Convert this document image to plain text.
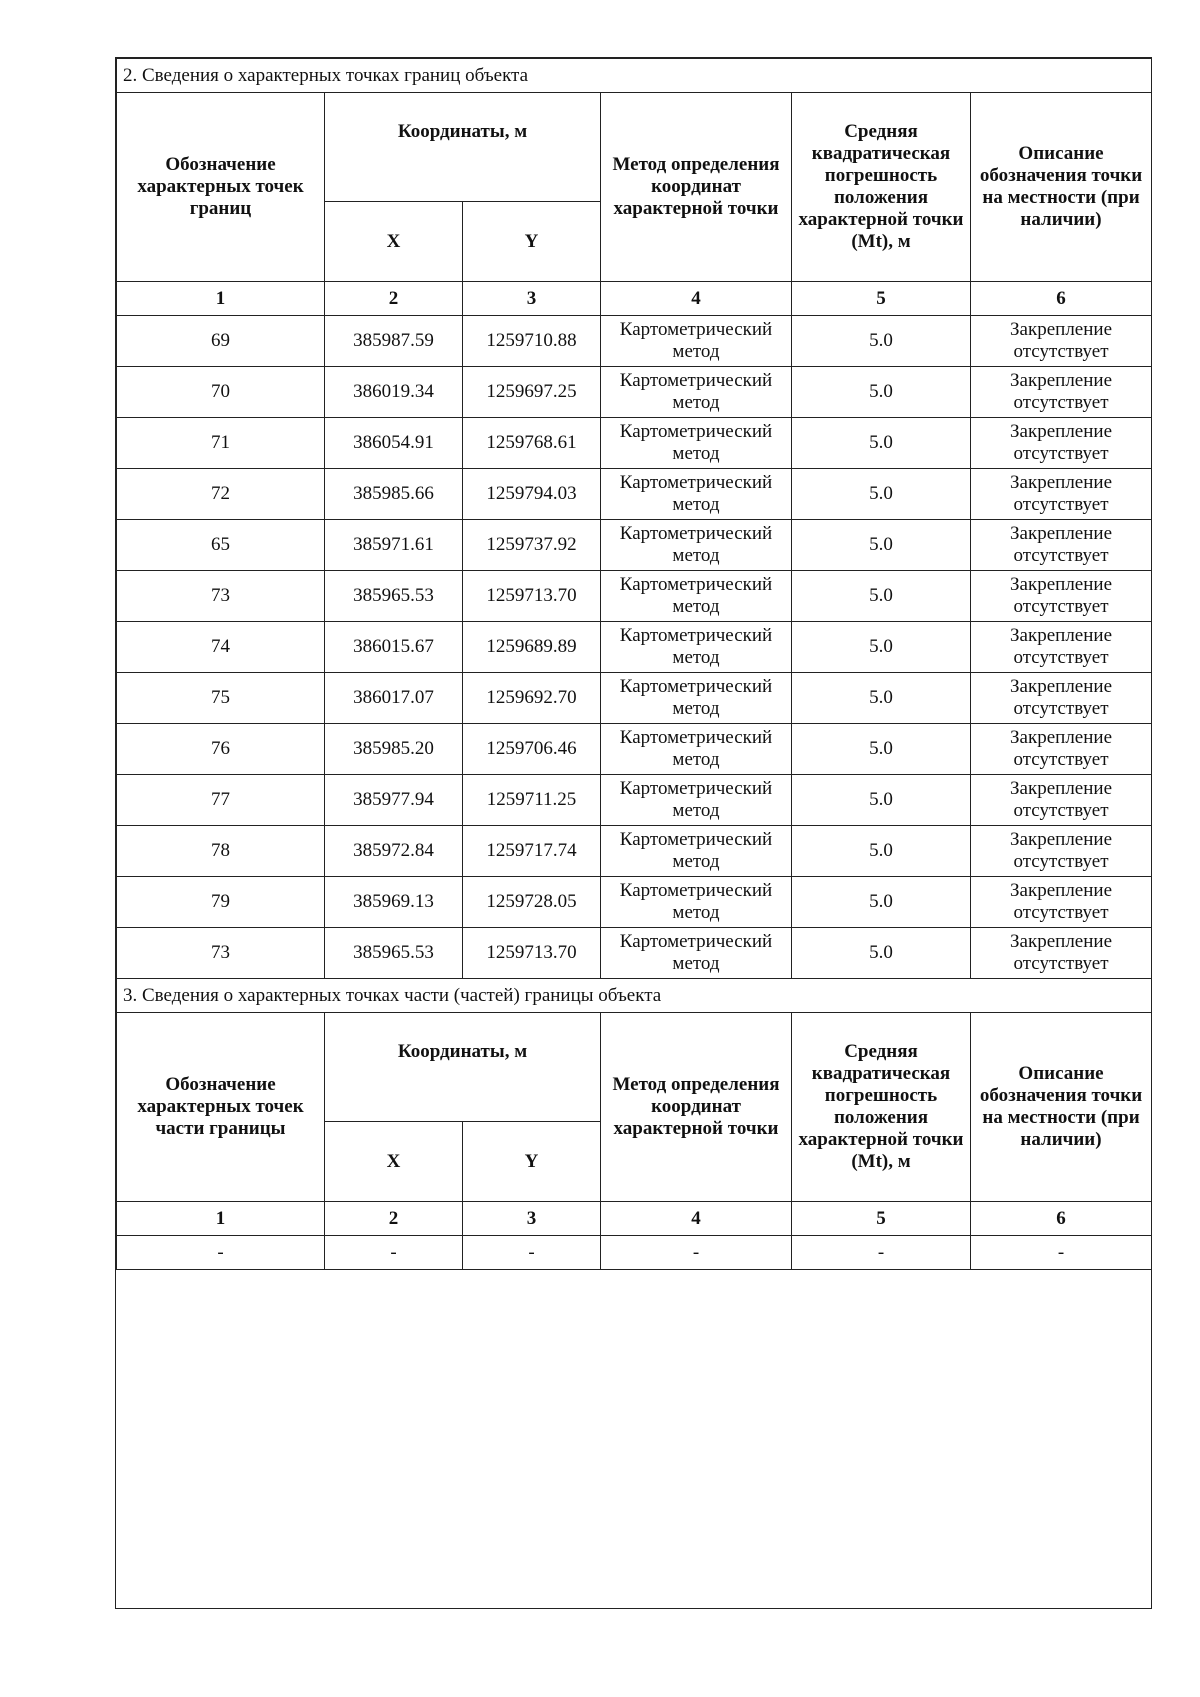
2. Сведения о характерных точках границ объекта					
Обозначение характерных точек границ	Координаты, м		Метод определения координат характерной точки	Средняя квадратическая погрешность положения характерной точки (Mt), м	Описание обозначения точки на местности (при наличии)
	X	Y			
1	2	3	4	5	6
69	385987.59	1259710.88	Картометрический метод	5.0	Закрепление отсутствует
70	386019.34	1259697.25	Картометрический метод	5.0	Закрепление отсутствует
71	386054.91	1259768.61	Картометрический метод	5.0	Закрепление отсутствует
72	385985.66	1259794.03	Картометрический метод	5.0	Закрепление отсутствует
65	385971.61	1259737.92	Картометрический метод	5.0	Закрепление отсутствует
73	385965.53	1259713.70	Картометрический метод	5.0	Закрепление отсутствует
74	386015.67	1259689.89	Картометрический метод	5.0	Закрепление отсутствует
75	386017.07	1259692.70	Картометрический метод	5.0	Закрепление отсутствует
76	385985.20	1259706.46	Картометрический метод	5.0	Закрепление отсутствует
77	385977.94	1259711.25	Картометрический метод	5.0	Закрепление отсутствует
78	385972.84	1259717.74	Картометрический метод	5.0	Закрепление отсутствует
79	385969.13	1259728.05	Картометрический метод	5.0	Закрепление отсутствует
73	385965.53	1259713.70	Картометрический метод	5.0	Закрепление отсутствует
3. Сведения о характерных точках части (частей) границы объекта					
Обозначение характерных точек части границы	Координаты, м		Метод определения координат характерной точки	Средняя квадратическая погрешность положения характерной точки (Mt), м	Описание обозначения точки на местности (при наличии)
	X	Y			
1	2	3	4	5	6
-	-	-	-	-	-
